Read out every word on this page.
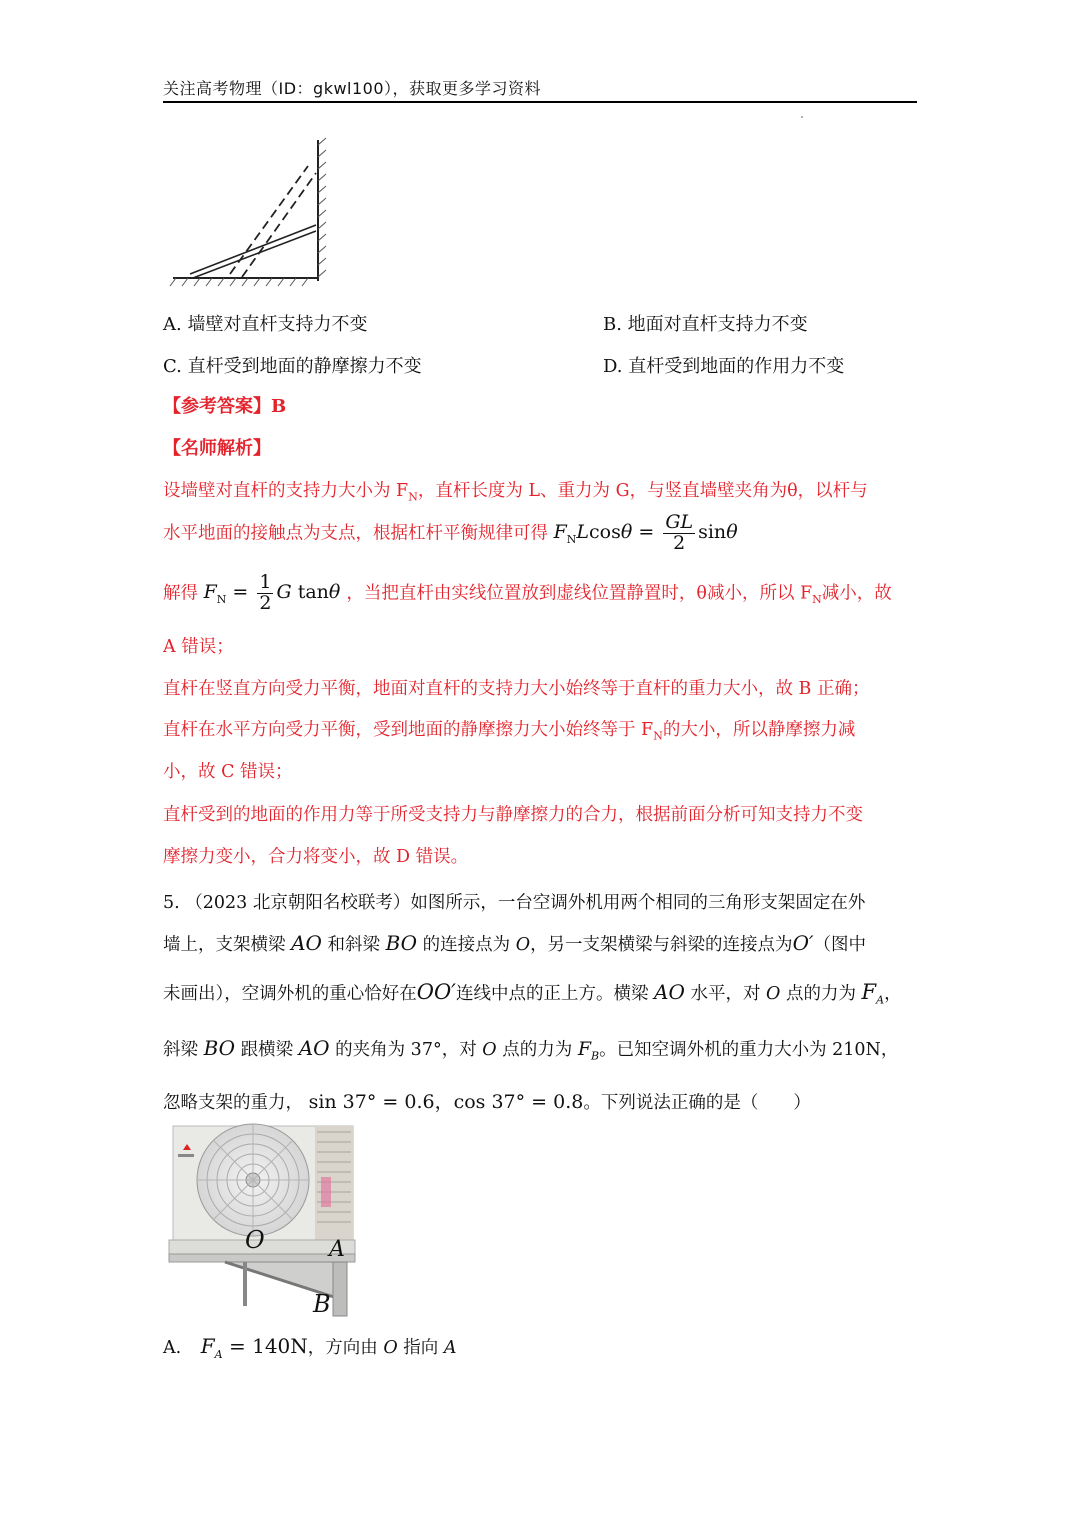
关注高考物理（ID：gkwl100），获取更多学习资料
A. 墙壁对直杆支持力不变	B. 地面对直杆支持力不变
C. 直杆受到地面的静摩擦力不变	D. 直杆受到地面的作用力不变
【参考答案】B
【名师解析】
设墙壁对直杆的支持力大小为 $F_N$，直杆长度为 L、重力为 G，与竖直墙壁夹角为θ，以杆与
水平地面的接触点为支点，根据杠杆平衡规律可得 $F_NLcos\theta = \frac{GL}{2}$ sinθ
解得 $F_N = \frac{1}{2}$ G tanθ ，当把直杆由实线位置放到虚线位置静置时，θ减小，所以 $F_N$减小，故
A 错误；
直杆在竖直方向受力平衡，地面对直杆的支持力大小始终等于直杆的重力大小，故 B 正确；
直杆在水平方向受力平衡，受到地面的静摩擦力大小始终等于 $F_N$的大小，所以静摩擦力减
小，故 C 错误；
直杆受到的地面的作用力等于所受支持力与静摩擦力的合力，根据前面分析可知支持力不变
摩擦力变小，合力将变小，故 D 错误。
5. （2023 北京朝阳名校联考）如图所示，一台空调外机用两个相同的三角形支架固定在外
墙上，支架横梁 AO 和斜梁 BO 的连接点为 O，另一支架横梁与斜梁的连接点为O′（图中
未画出），空调外机的重心恰好在OO′连线中点的正上方。横梁 AO 水平，对 O 点的力为 $F_A$，
斜梁 BO 跟横梁 AO 的夹角为 37°，对 O 点的力为 $F_B$。已知空调外机的重力大小为 210N，
忽略支架的重力， sin 37° = 0.6，cos 37° = 0.8。下列说法正确的是（　　）
O	A
B
A. $F_A = 140N$，方向由 O 指向 A
